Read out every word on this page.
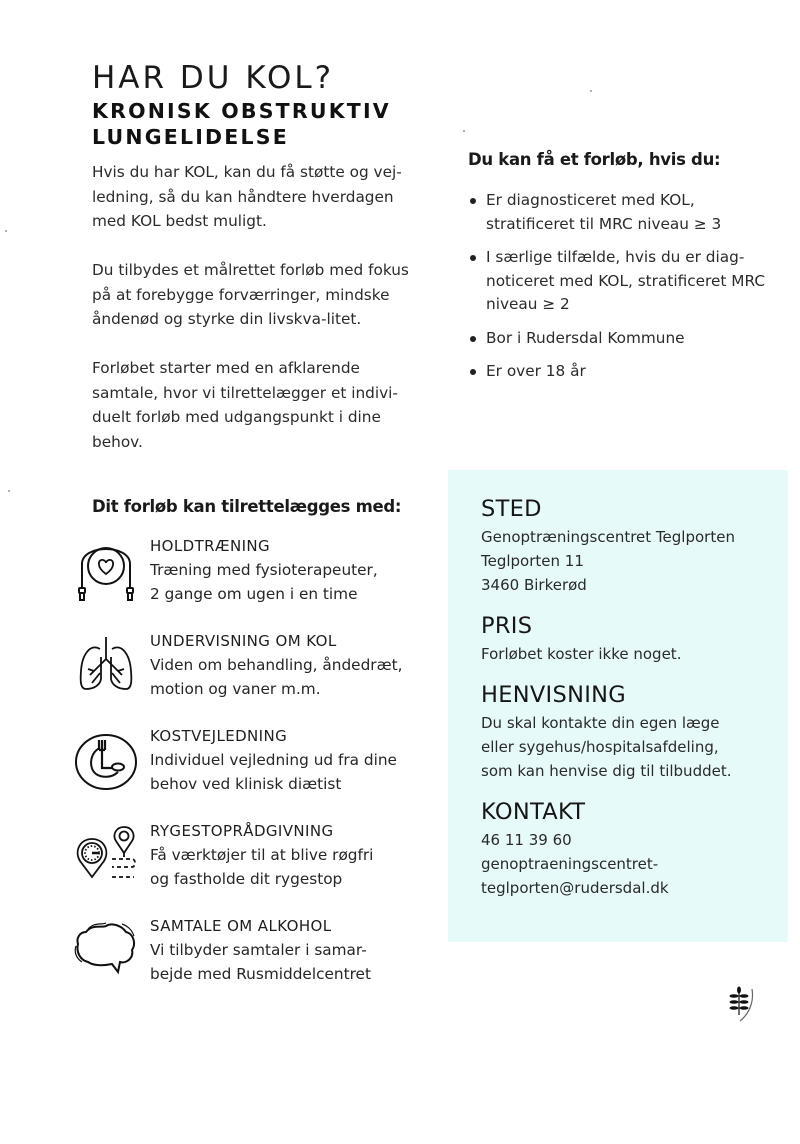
HAR DU KOL?
KRONISK OBSTRUKTIV
LUNGELIDELSE

Hvis du har KOL, kan du få støtte og vej-ledning, så du kan håndtere hverdagen med KOL bedst muligt.

Du tilbydes et målrettet forløb med fokus på at forebygge forværringer, mindske åndenød og styrke din livskva-litet.

Forløbet starter med en afklarende samtale, hvor vi tilrettelægger et indivi-duelt forløb med udgangspunkt i dine behov.

Dit forløb kan tilrettelægges med:
HOLDTRÆNING
Træning med fysioterapeuter,
2 gange om ugen i en time
UNDERVISNING OM KOL
Viden om behandling, åndedræt,
motion og vaner m.m.
KOSTVEJLEDNING
Individuel vejledning ud fra dine
behov ved klinisk diætist
RYGESTOPRÅDGIVNING
Få værktøjer til at blive røgfri
og fastholde dit rygestop
SAMTALE OM ALKOHOL
Vi tilbyder samtaler i samar-
bejde med Rusmiddelcentret
Du kan få et forløb, hvis du:
Er diagnosticeret med KOL, stratificeret til MRC niveau ≥ 3
I særlige tilfælde, hvis du er diag-noticeret med KOL, stratificeret MRC niveau ≥ 2
Bor i Rudersdal Kommune
Er over 18 år
STED
Genoptræningscentret Teglporten
Teglporten 11
3460 Birkerød
PRIS
Forløbet koster ikke noget.
HENVISNING
Du skal kontakte din egen læge
eller sygehus/hospitalsafdeling,
som kan henvise dig til tilbuddet.
KONTAKT
46 11 39 60
genoptraeningscentret-
teglporten@rudersdal.dk
